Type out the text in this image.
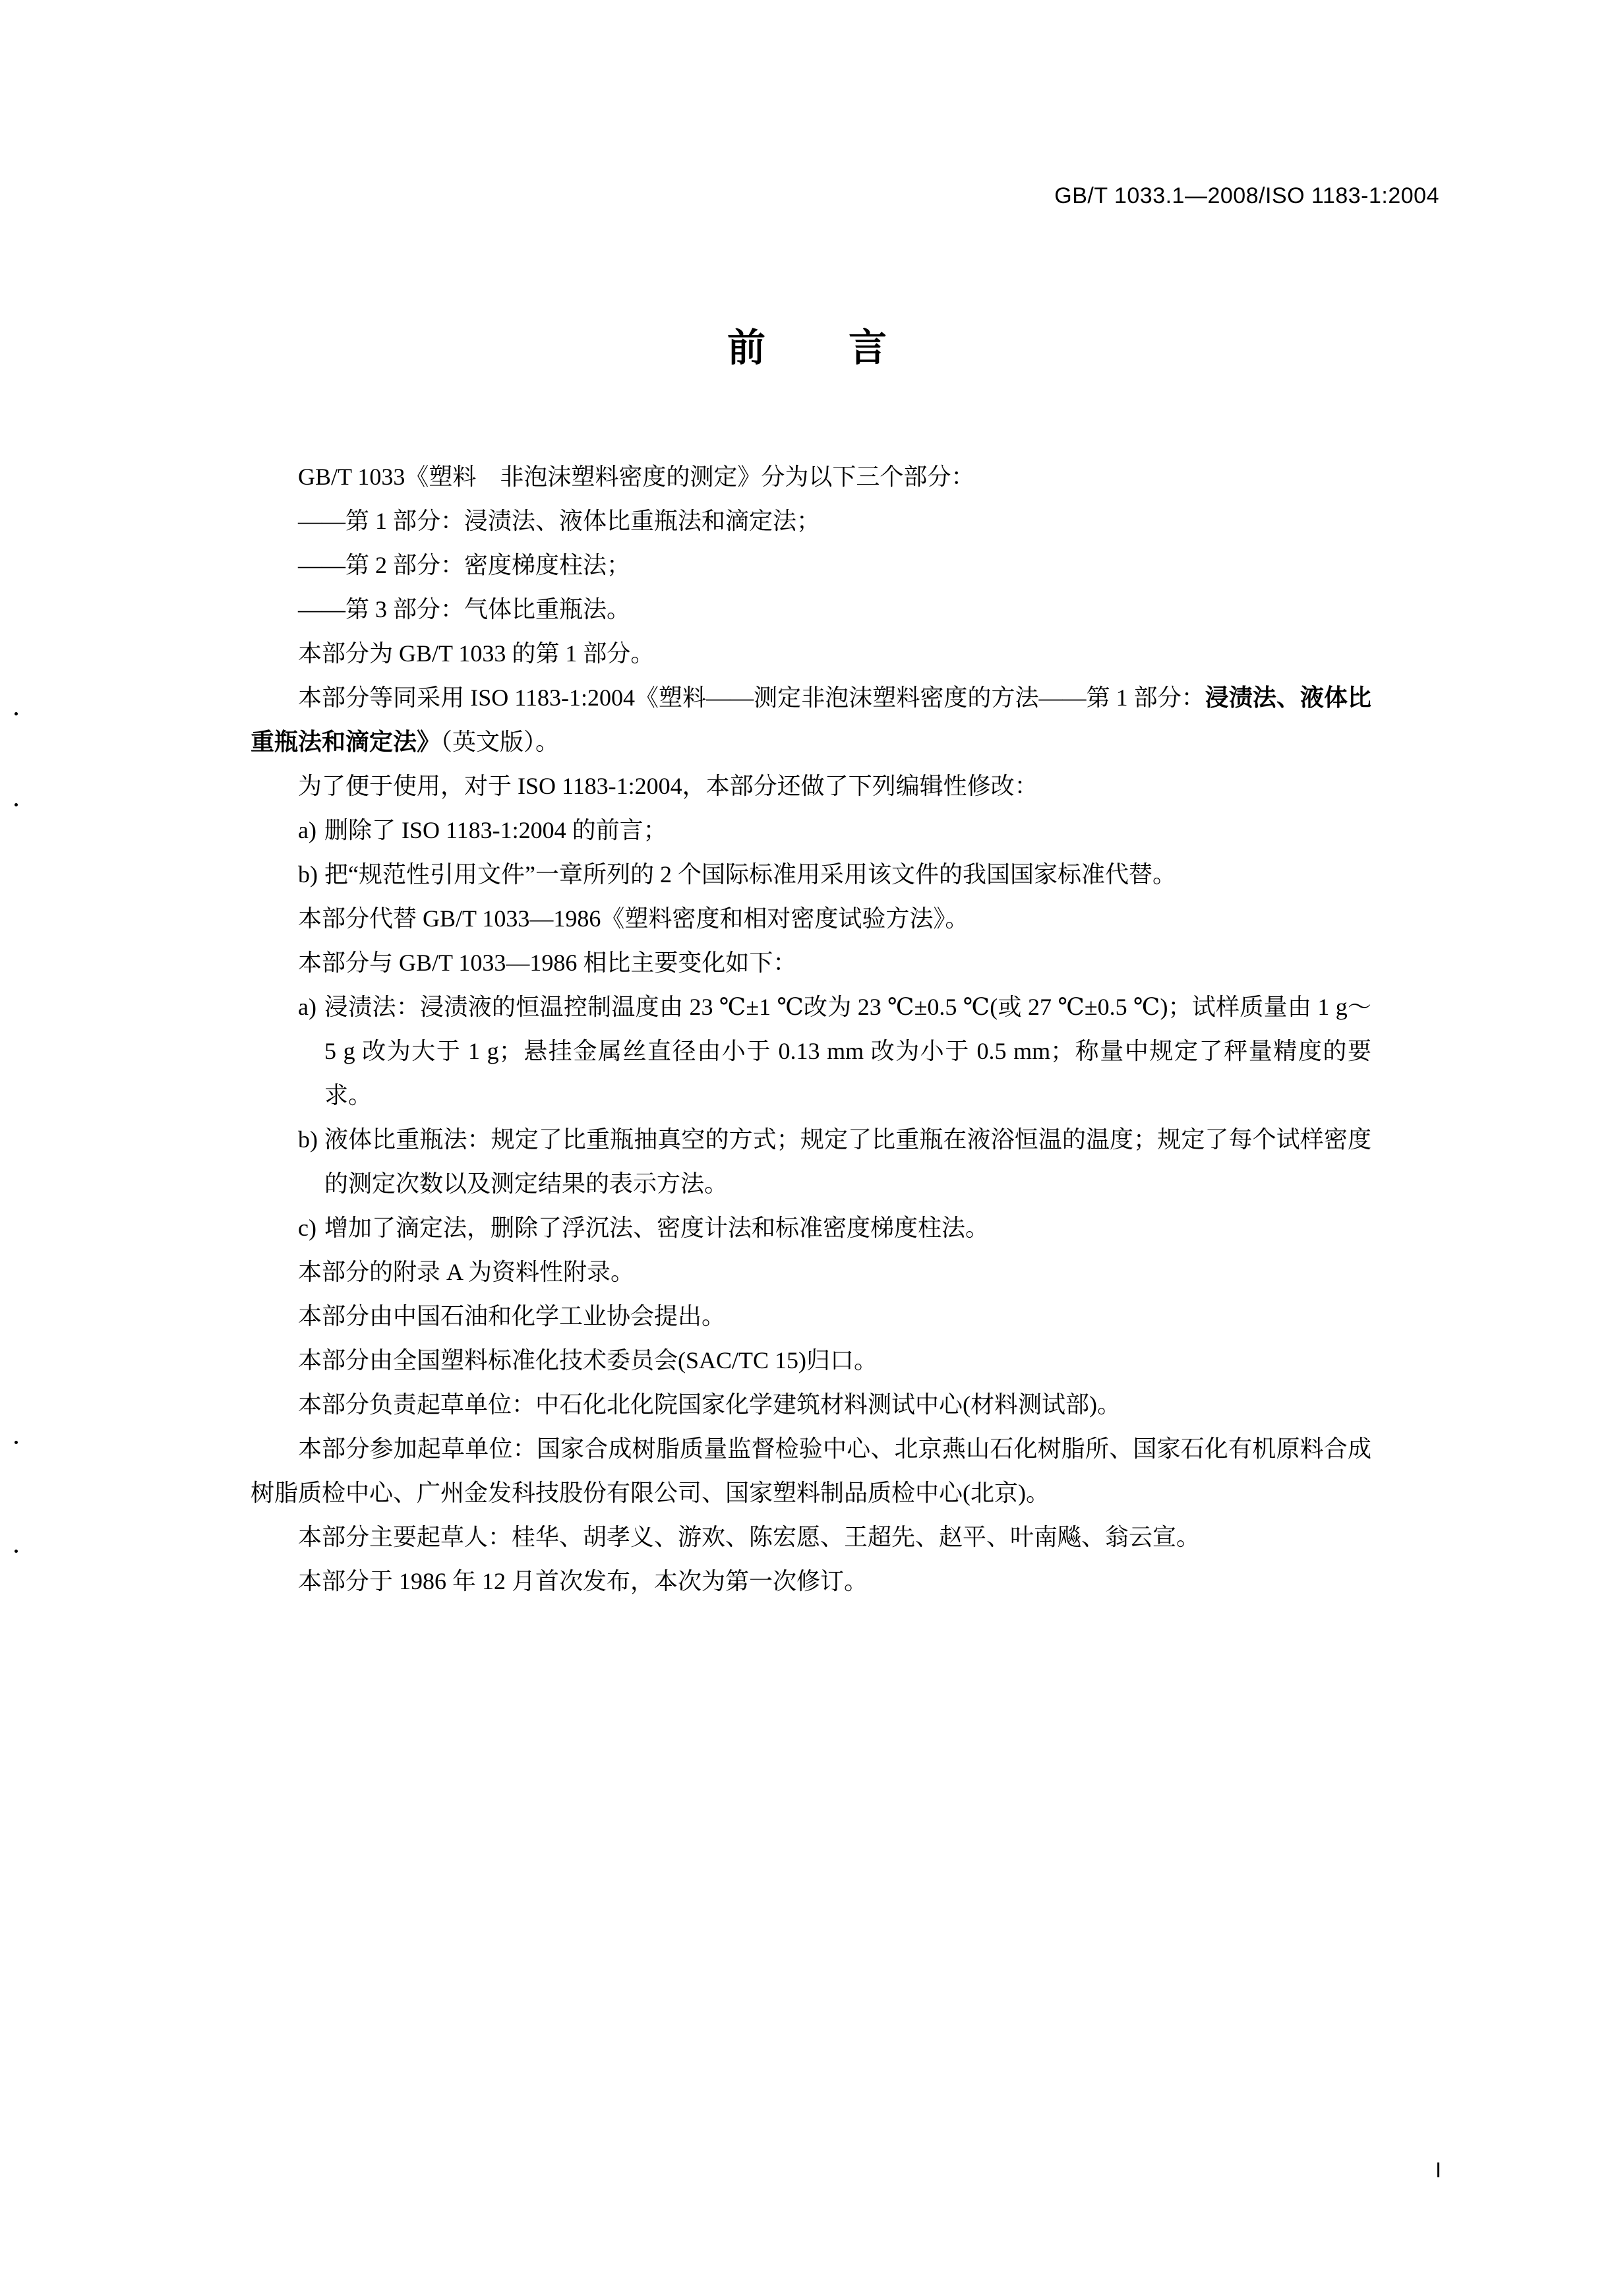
GB/T 1033.1—2008/ISO 1183-1:2004
前　言

GB/T 1033《塑料　非泡沫塑料密度的测定》分为以下三个部分：

——第 1 部分：浸渍法、液体比重瓶法和滴定法；

——第 2 部分：密度梯度柱法；

——第 3 部分：气体比重瓶法。

本部分为 GB/T 1033 的第 1 部分。

本部分等同采用 ISO 1183-1:2004《塑料——测定非泡沫塑料密度的方法——第 1 部分：浸渍法、液体比重瓶法和滴定法》（英文版）。

为了便于使用，对于 ISO 1183-1:2004，本部分还做了下列编辑性修改：

a) 删除了 ISO 1183-1:2004 的前言；
b) 把“规范性引用文件”一章所列的 2 个国际标准用采用该文件的我国国家标准代替。

本部分代替 GB/T 1033—1986《塑料密度和相对密度试验方法》。

本部分与 GB/T 1033—1986 相比主要变化如下：

a) 浸渍法：浸渍液的恒温控制温度由 23 ℃±1 ℃改为 23 ℃±0.5 ℃(或 27 ℃±0.5 ℃)；试样质量由 1 g～5 g 改为大于 1 g；悬挂金属丝直径由小于 0.13 mm 改为小于 0.5 mm；称量中规定了秤量精度的要求。
b) 液体比重瓶法：规定了比重瓶抽真空的方式；规定了比重瓶在液浴恒温的温度；规定了每个试样密度的测定次数以及测定结果的表示方法。
c) 增加了滴定法，删除了浮沉法、密度计法和标准密度梯度柱法。

本部分的附录 A 为资料性附录。

本部分由中国石油和化学工业协会提出。

本部分由全国塑料标准化技术委员会(SAC/TC 15)归口。

本部分负责起草单位：中石化北化院国家化学建筑材料测试中心(材料测试部)。

本部分参加起草单位：国家合成树脂质量监督检验中心、北京燕山石化树脂所、国家石化有机原料合成树脂质检中心、广州金发科技股份有限公司、国家塑料制品质检中心(北京)。

本部分主要起草人：桂华、胡孝义、游欢、陈宏愿、王超先、赵平、叶南飚、翁云宣。

本部分于 1986 年 12 月首次发布，本次为第一次修订。

I
